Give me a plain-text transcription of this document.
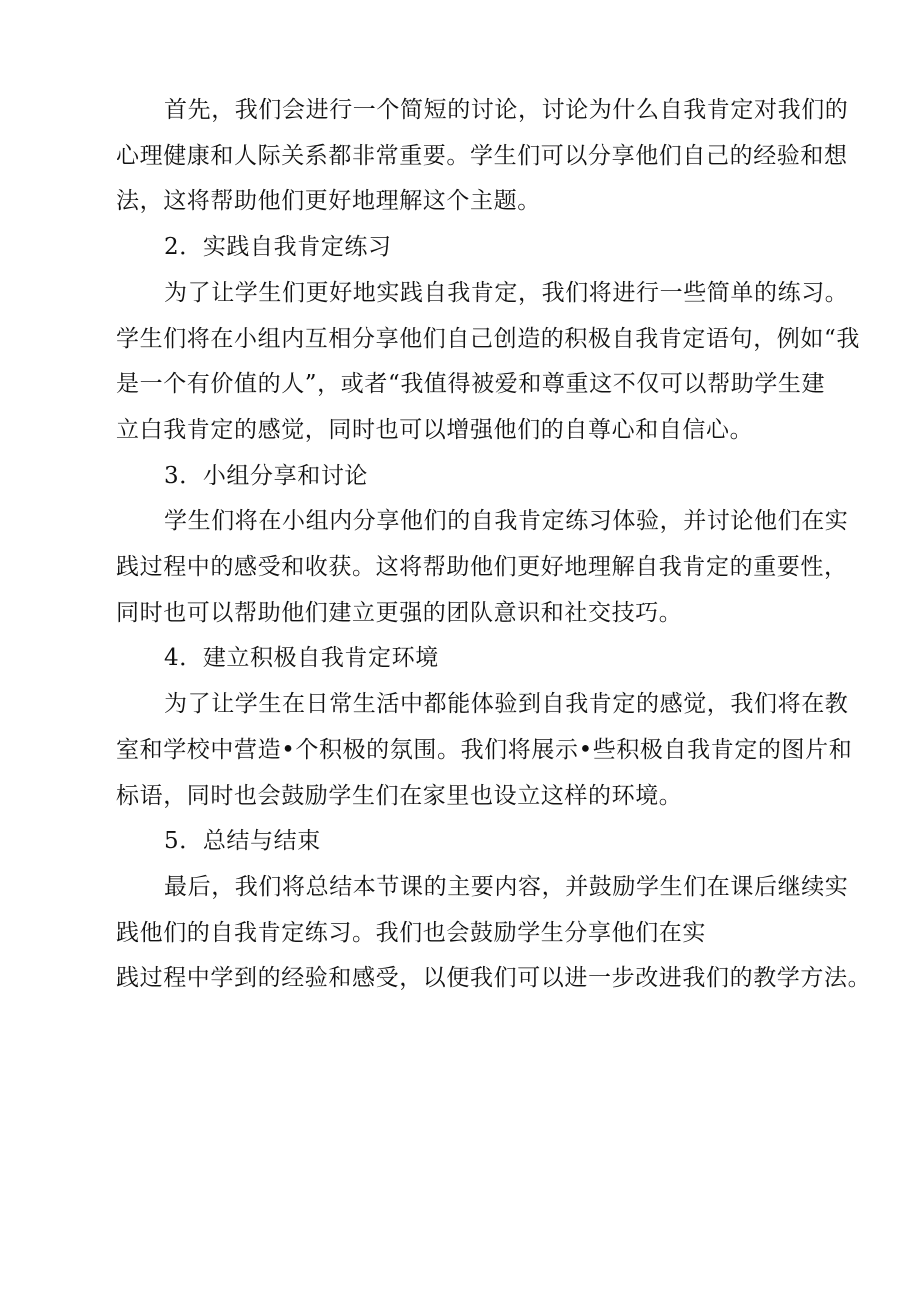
首先，我们会进行一个简短的讨论，讨论为什么自我肯定对我们的
心理健康和人际关系都非常重要。学生们可以分享他们自己的经验和想
法，这将帮助他们更好地理解这个主题。
2．实践自我肯定练习
为了让学生们更好地实践自我肯定，我们将进行一些简单的练习。
学生们将在小组内互相分享他们自己创造的积极自我肯定语句，例如“我
是一个有价值的人”，或者“我值得被爱和尊重这不仅可以帮助学生建
立白我肯定的感觉，同时也可以增强他们的自尊心和自信心。
3．小组分享和讨论
学生们将在小组内分享他们的自我肯定练习体验，并讨论他们在实
践过程中的感受和收获。这将帮助他们更好地理解自我肯定的重要性，
同时也可以帮助他们建立更强的团队意识和社交技巧。
4．建立积极自我肯定环境
为了让学生在日常生活中都能体验到自我肯定的感觉，我们将在教
室和学校中营造•个积极的氛围。我们将展示•些积极自我肯定的图片和
标语，同时也会鼓励学生们在家里也设立这样的环境。
5．总结与结束
最后，我们将总结本节课的主要内容，并鼓励学生们在课后继续实
践他们的自我肯定练习。我们也会鼓励学生分享他们在实
践过程中学到的经验和感受，以便我们可以进一步改进我们的教学方法。
